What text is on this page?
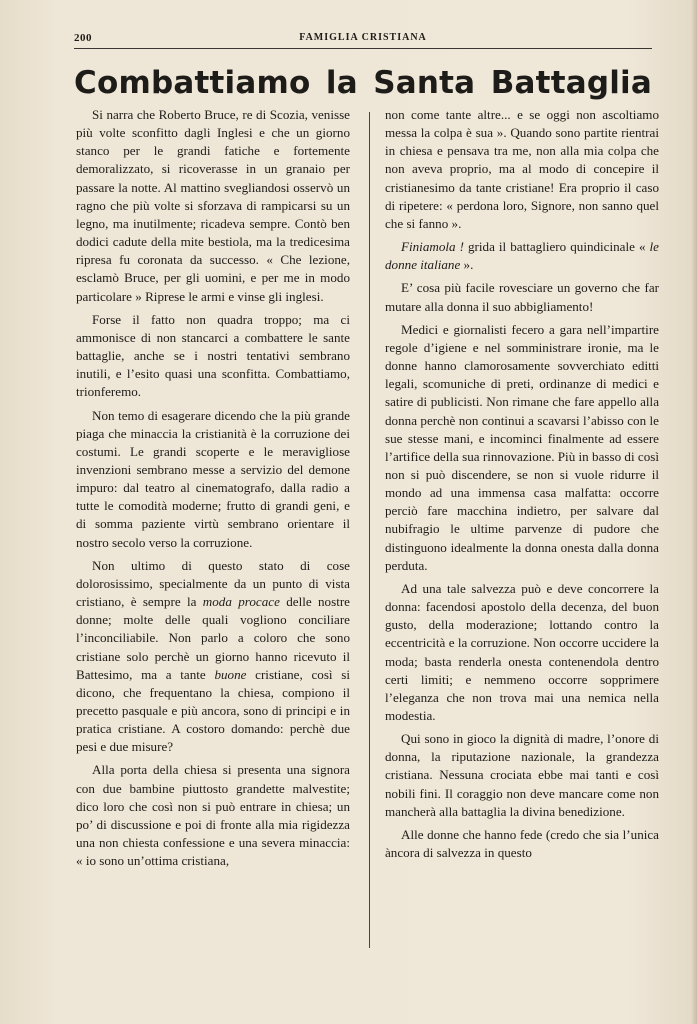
200	FAMIGLIA CRISTIANA
Combattiamo la Santa Battaglia

Si narra che Roberto Bruce, re di Scozia, venisse più volte sconfitto dagli Inglesi e che un giorno stanco per le grandi fatiche e fortemente demoralizzato, si ricoverasse in un granaio per passare la notte. Al mattino svegliandosi osservò un ragno che più volte si sforzava di rampicarsi su un legno, ma inutilmente; ricadeva sempre. Contò ben dodici cadute della mite bestiola, ma la tredicesima ripresa fu coronata da successo. « Che lezione, esclamò Bruce, per gli uomini, e per me in modo particolare » Riprese le armi e vinse gli inglesi.

Forse il fatto non quadra troppo; ma ci ammonisce di non stancarci a combattere le sante battaglie, anche se i nostri tentativi sembrano inutili, e l’esito quasi una sconfitta. Combattiamo, trionferemo.

Non temo di esagerare dicendo che la più grande piaga che minaccia la cristianità è la corruzione dei costumi. Le grandi scoperte e le meravigliose invenzioni sembrano messe a servizio del demone impuro: dal teatro al cinematografo, dalla radio a tutte le comodità moderne; frutto di grandi geni, e di somma paziente virtù sembrano orientare il nostro secolo verso la corruzione.

Non ultimo di questo stato di cose dolorosissimo, specialmente da un punto di vista cristiano, è sempre la moda procace delle nostre donne; molte delle quali vogliono conciliare l’inconciliabile. Non parlo a coloro che sono cristiane solo perchè un giorno hanno ricevuto il Battesimo, ma a tante buone cristiane, così si dicono, che frequentano la chiesa, compiono il precetto pasquale e più ancora, sono di principi e in pratica cristiane. A costoro domando: perchè due pesi e due misure?

Alla porta della chiesa si presenta una signora con due bambine piuttosto grandette malvestite; dico loro che così non si può entrare in chiesa; un po’ di discussione e poi di fronte alla mia rigidezza una non chiesta confessione e una severa minaccia: « io sono un’ottima cristiana,

non come tante altre... e se oggi non ascoltiamo messa la colpa è sua ». Quando sono partite rientrai in chiesa e pensava tra me, non alla mia colpa che non aveva proprio, ma al modo di concepire il cristianesimo da tante cristiane! Era proprio il caso di ripetere: « perdona loro, Signore, non sanno quel che si fanno ».

Finiamola ! grida il battagliero quindicinale « le donne italiane ».

E’ cosa più facile rovesciare un governo che far mutare alla donna il suo abbigliamento!

Medici e giornalisti fecero a gara nell’impartire regole d’igiene e nel somministrare ironie, ma le donne hanno clamorosamente sovverchiato editti legali, scomuniche di preti, ordinanze di medici e satire di publicisti. Non rimane che fare appello alla donna perchè non continui a scavarsi l’abisso con le sue stesse mani, e incominci finalmente ad essere l’artifice della sua rinnovazione. Più in basso di così non si può discendere, se non si vuole ridurre il mondo ad una immensa casa malfatta: occorre perciò fare macchina indietro, per salvare dal nubifragio le ultime parvenze di pudore che distinguono idealmente la donna onesta dalla donna perduta.

Ad una tale salvezza può e deve concorrere la donna: facendosi apostolo della decenza, del buon gusto, della moderazione; lottando contro la eccentricità e la corruzione. Non occorre uccidere la moda; basta renderla onesta contenendola dentro certi limiti; e nemmeno occorre sopprimere l’eleganza che non trova mai una nemica nella modestia.

Qui sono in gioco la dignità di madre, l’onore di donna, la riputazione nazionale, la grandezza cristiana. Nessuna crociata ebbe mai tanti e così nobili fini. Il coraggio non deve mancare come non mancherà alla battaglia la divina benedizione.

Alle donne che hanno fede (credo che sia l’unica àncora di salvezza in questo
